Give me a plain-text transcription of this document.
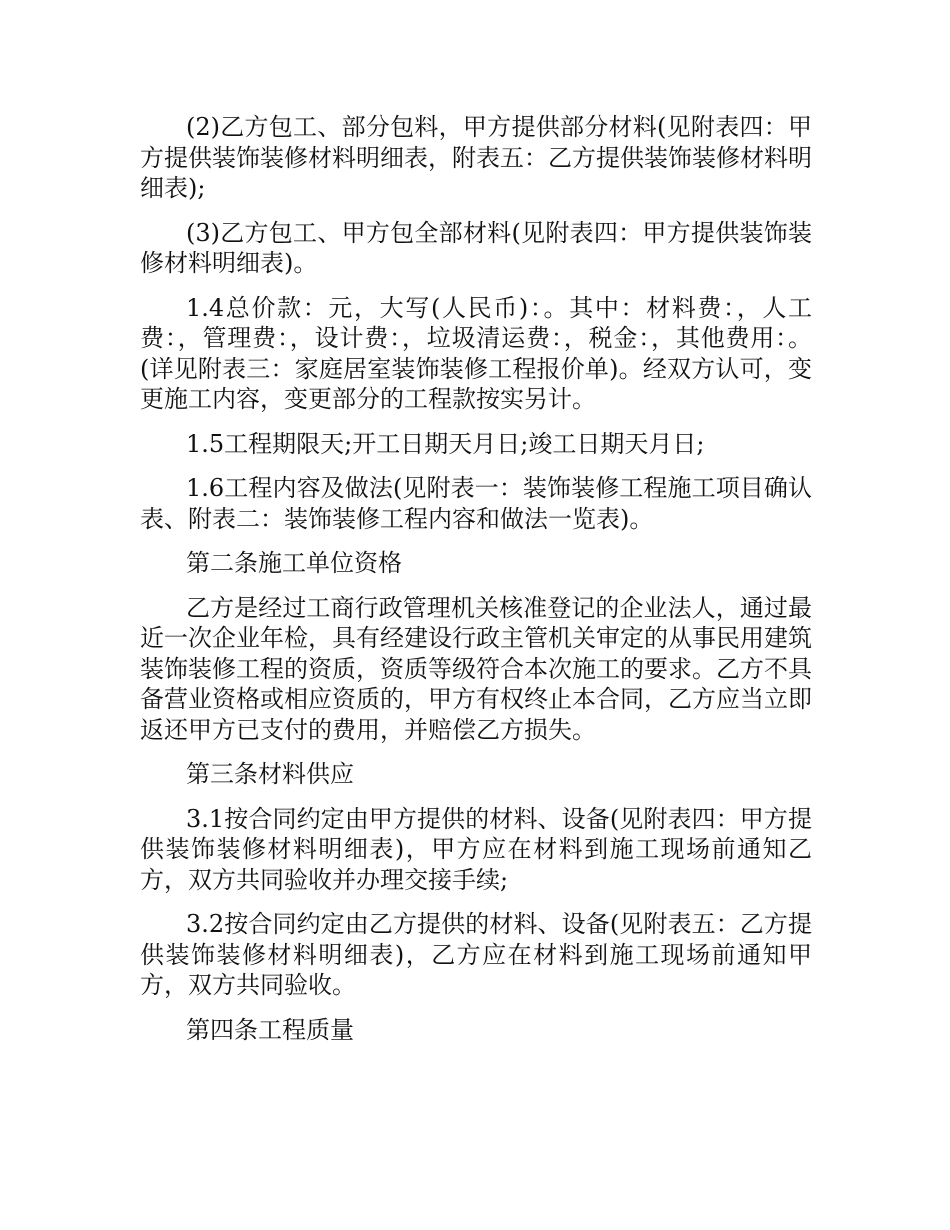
(2)乙方包工、部分包料，甲方提供部分材料(见附表四：甲方提供装饰装修材料明细表，附表五：乙方提供装饰装修材料明细表);

(3)乙方包工、甲方包全部材料(见附表四：甲方提供装饰装修材料明细表)。

1.4总价款：元，大写(人民币)：。其中：材料费：，人工费：，管理费：，设计费：，垃圾清运费：，税金：，其他费用：。(详见附表三：家庭居室装饰装修工程报价单)。经双方认可，变更施工内容，变更部分的工程款按实另计。

1.5工程期限天;开工日期天月日;竣工日期天月日;

1.6工程内容及做法(见附表一：装饰装修工程施工项目确认表、附表二：装饰装修工程内容和做法一览表)。

第二条施工单位资格

乙方是经过工商行政管理机关核准登记的企业法人，通过最近一次企业年检，具有经建设行政主管机关审定的从事民用建筑装饰装修工程的资质，资质等级符合本次施工的要求。乙方不具备营业资格或相应资质的，甲方有权终止本合同，乙方应当立即返还甲方已支付的费用，并赔偿乙方损失。

第三条材料供应

3.1按合同约定由甲方提供的材料、设备(见附表四：甲方提供装饰装修材料明细表)，甲方应在材料到施工现场前通知乙方，双方共同验收并办理交接手续;

3.2按合同约定由乙方提供的材料、设备(见附表五：乙方提供装饰装修材料明细表)，乙方应在材料到施工现场前通知甲方，双方共同验收。

第四条工程质量
